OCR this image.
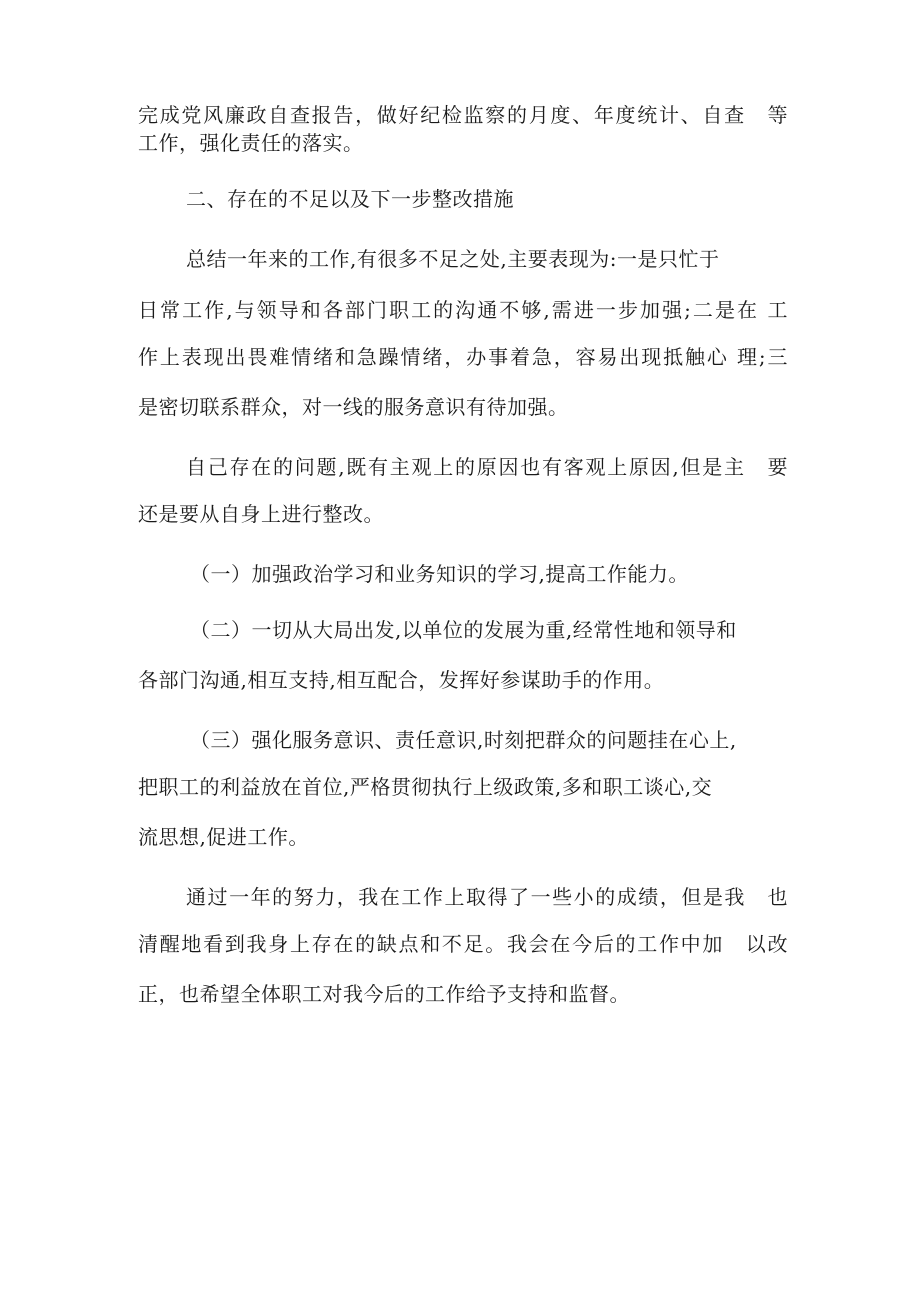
完成党风廉政自查报告，做好纪检监察的月度、年度统计、自查　等
工作，强化责任的落实。
二、存在的不足以及下一步整改措施
总结一年来的工作,有很多不足之处,主要表现为:一是只忙于
日常工作,与领导和各部门职工的沟通不够,需进一步加强;二是在 工
作上表现出畏难情绪和急躁情绪，办事着急，容易出现抵触心 理;三
是密切联系群众，对一线的服务意识有待加强。
自己存在的问题,既有主观上的原因也有客观上原因,但是主　要
还是要从自身上进行整改。
（一）加强政治学习和业务知识的学习,提高工作能力。
（二）一切从大局出发,以单位的发展为重,经常性地和领导和
各部门沟通,相互支持,相互配合，发挥好参谋助手的作用。
（三）强化服务意识、责任意识,时刻把群众的问题挂在心上,
把职工的利益放在首位,严格贯彻执行上级政策,多和职工谈心,交
流思想,促进工作。
通过一年的努力，我在工作上取得了一些小的成绩，但是我　也
清醒地看到我身上存在的缺点和不足。我会在今后的工作中加　以改
正，也希望全体职工对我今后的工作给予支持和监督。
